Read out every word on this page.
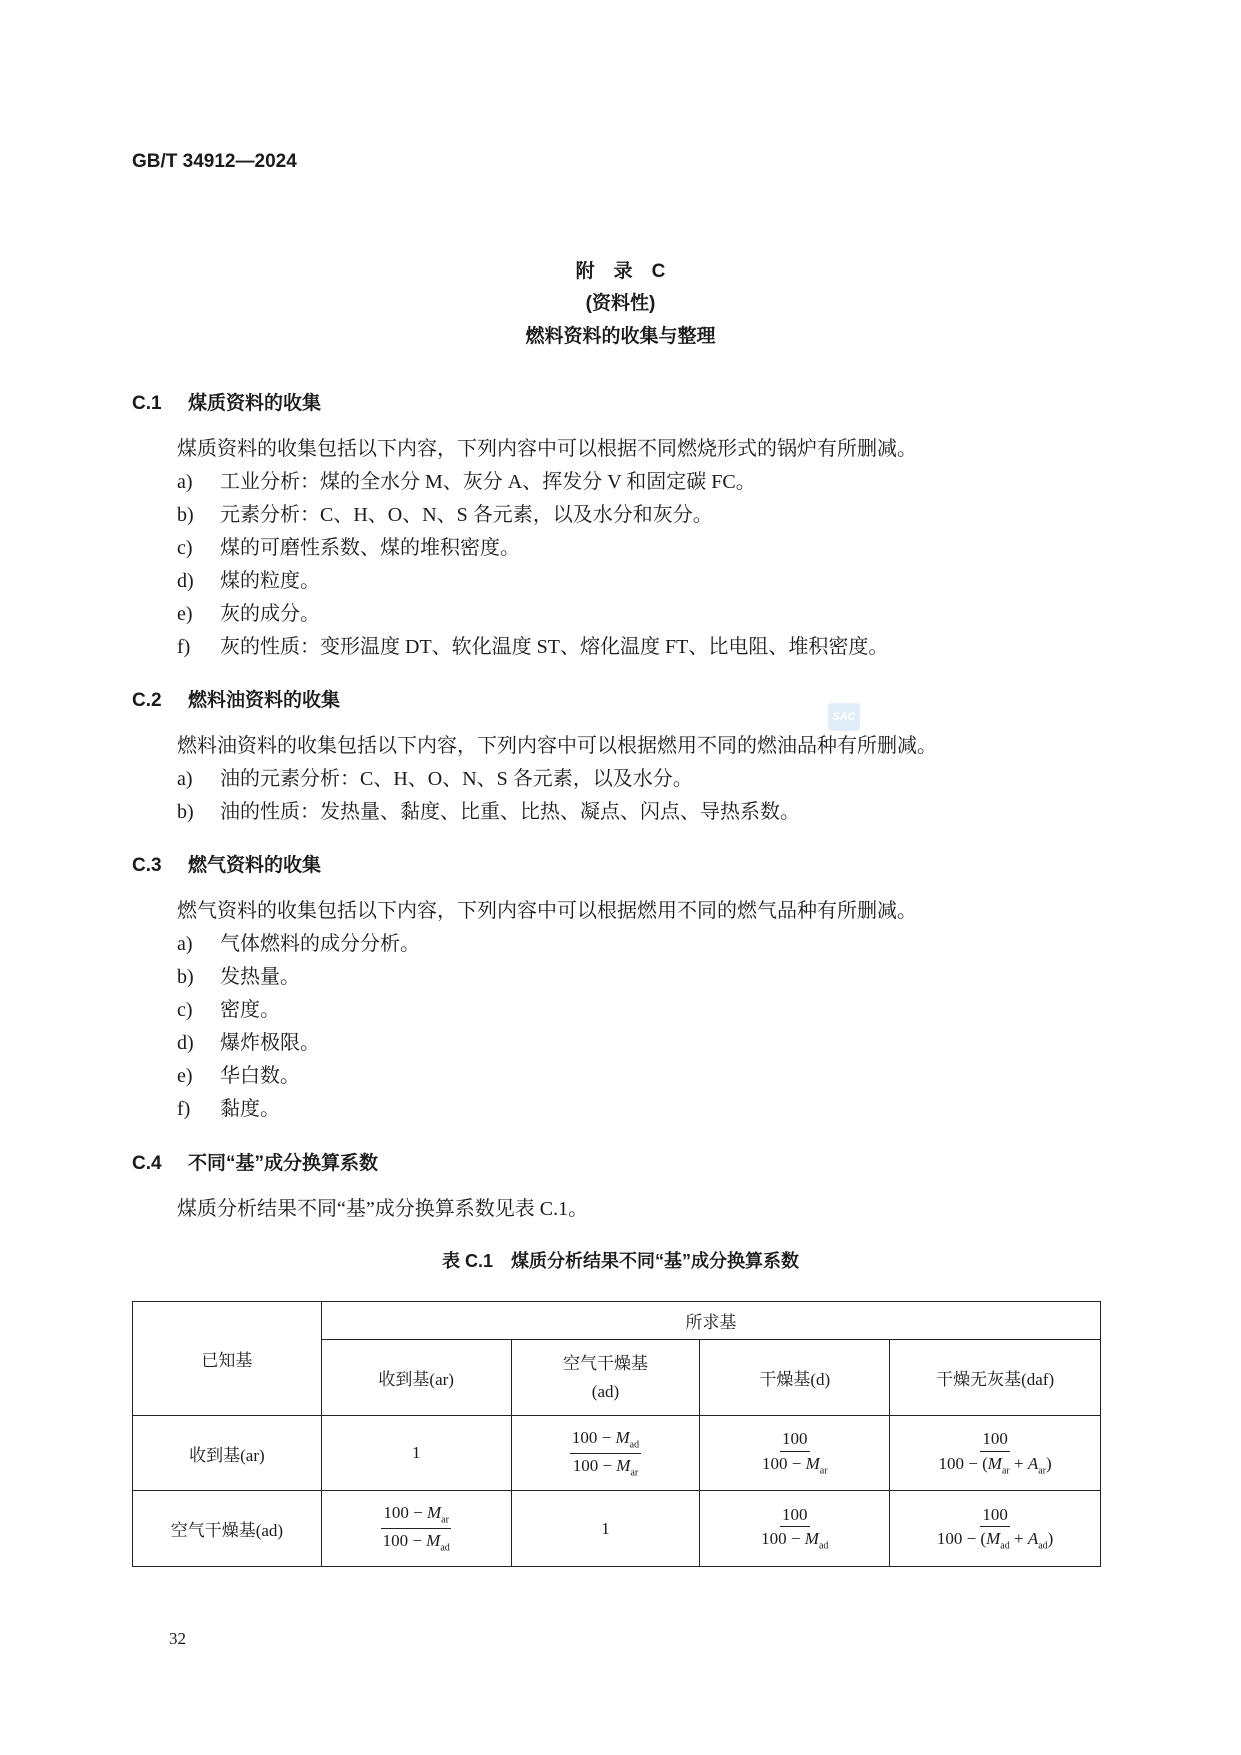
GB/T 34912—2024
附　录　C
(资料性)
燃料资料的收集与整理
SAC
C.1 煤质资料的收集
煤质资料的收集包括以下内容，下列内容中可以根据不同燃烧形式的锅炉有所删减。
a) 工业分析：煤的全水分 M、灰分 A、挥发分 V 和固定碳 FC。
b) 元素分析：C、H、O、N、S 各元素，以及水分和灰分。
c) 煤的可磨性系数、煤的堆积密度。
d) 煤的粒度。
e) 灰的成分。
f) 灰的性质：变形温度 DT、软化温度 ST、熔化温度 FT、比电阻、堆积密度。
C.2 燃料油资料的收集
燃料油资料的收集包括以下内容，下列内容中可以根据燃用不同的燃油品种有所删减。
a) 油的元素分析：C、H、O、N、S 各元素，以及水分。
b) 油的性质：发热量、黏度、比重、比热、凝点、闪点、导热系数。
C.3 燃气资料的收集
燃气资料的收集包括以下内容，下列内容中可以根据燃用不同的燃气品种有所删减。
a) 气体燃料的成分分析。
b) 发热量。
c) 密度。
d) 爆炸极限。
e) 华白数。
f) 黏度。
C.4 不同“基”成分换算系数
煤质分析结果不同“基”成分换算系数见表 C.1。
表 C.1　煤质分析结果不同“基”成分换算系数
已知基	所求基			
	收到基(ar)	空气干燥基
(ad)	干燥基(d)	干燥无灰基(daf)
收到基(ar)	1	$\frac{100 - M_{ad}}{100 - M_{ar}}$	$\frac{100}{100 - M_{ar}}$	$\frac{100}{100 - (M_{ar} + A_{ar})}$

空气干燥基(ad)	$\frac{100 - M_{ar}}{100 - M_{ad}}$	1	$\frac{100}{100 - M_{ad}}$	$\frac{100}{100 - (M_{ad} + A_{ad})}$
32
